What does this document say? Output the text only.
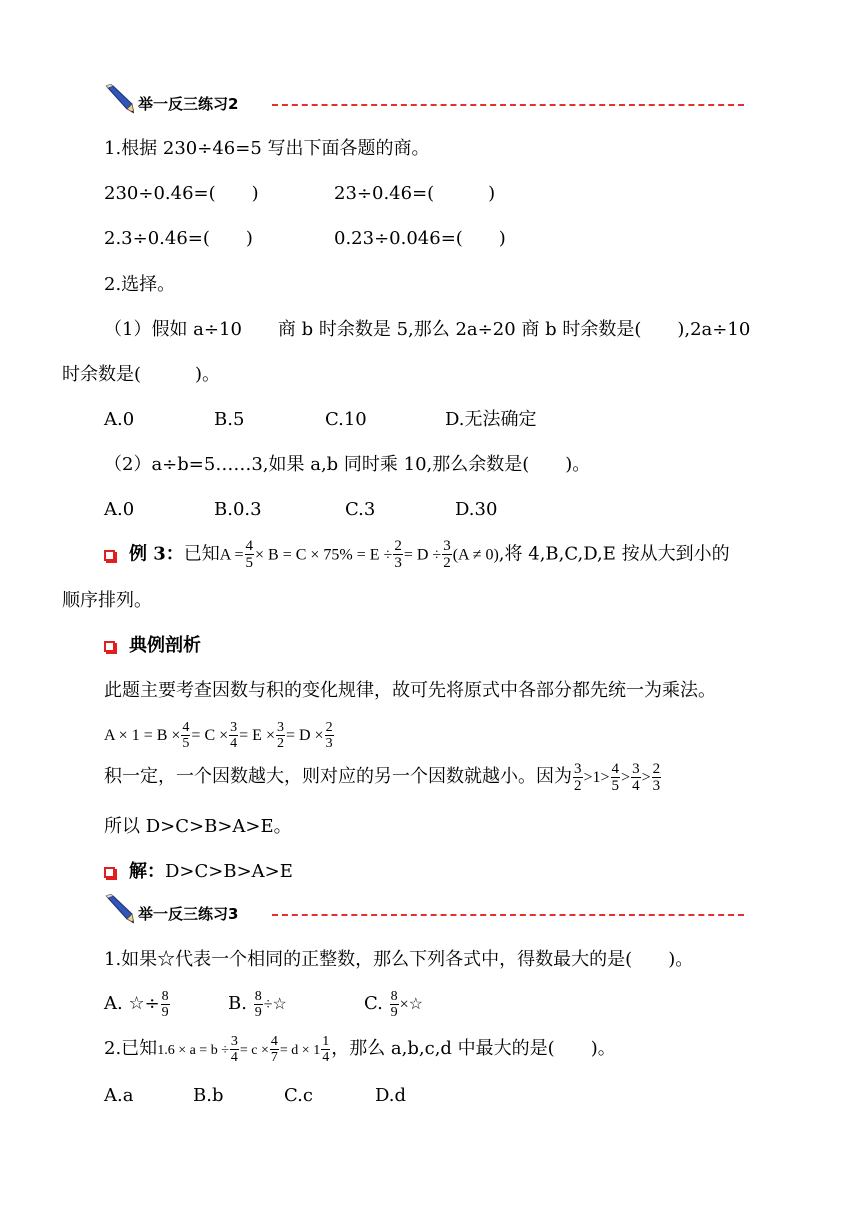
举一反三练习2
1.根据 230÷46=5 写出下面各题的商。
230÷0.46=(　　)	23÷0.46=(　　　)
2.3÷0.46=(　　)	0.23÷0.046=(　　)
2.选择。
（1）假如 a÷10　　商 b 时余数是 5,那么 2a÷20 商 b 时余数是(　　),2a÷10
时余数是(　　　)。
A.0	B.5	C.10	D.无法确定
（2）a÷b=5……3,如果 a,b 同时乘 10,那么余数是(　　)。
A.0	B.0.3	C.3	D.30
例 3：已知$A = \frac{4}{5} \times B = C \times 75\% = E \div \frac{2}{3} = D \div \frac{3}{2} (A \ne 0)$,将 4,B,C,D,E 按从大到小的
顺序排列。
典例剖析
此题主要考查因数与积的变化规律，故可先将原式中各部分都先统一为乘法。
$A \times 1 = B \times \frac{4}{5} = C \times \frac{3}{4} = E \times \frac{3}{2} = D \times \frac{2}{3}$
积一定，一个因数越大，则对应的另一个因数就越小。因为 $\frac{3}{2} >1> \frac{4}{5} > \frac{3}{4} > \frac{2}{3}$
所以 D>C>B>A>E。
解：D>C>B>A>E
举一反三练习3
1.如果☆代表一个相同的正整数，那么下列各式中，得数最大的是(　　)。
A. ☆÷ $\frac{8}{9}$	B. $\frac{8}{9}$ ÷☆	C. $\frac{8}{9}$ ×☆
2.已知$1.6 \times a = b \div \frac{3}{4} = c \times \frac{4}{7} = d \times 1 \frac{1}{4}$ ，那么 a,b,c,d 中最大的是(　　)。
A.a	B.b	C.c	D.d
